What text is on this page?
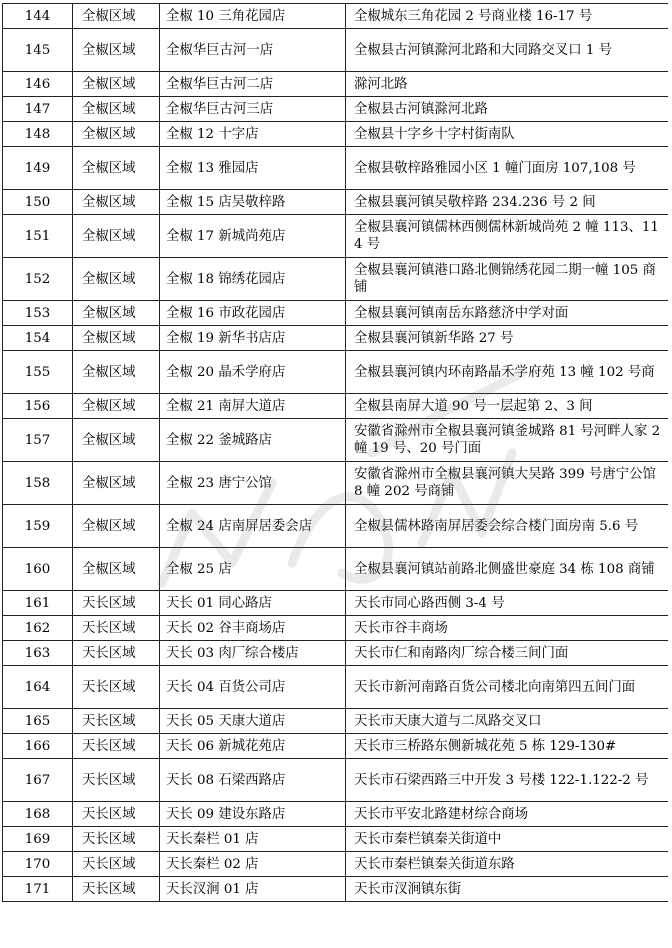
144	全椒区域	全椒 10 三角花园店	全椒城东三角花园 2 号商业楼 16-17 号
145	全椒区域	全椒华巨古河一店	全椒县古河镇滁河北路和大同路交叉口 1 号
146	全椒区域	全椒华巨古河二店	滁河北路
147	全椒区域	全椒华巨古河三店	全椒县古河镇滁河北路
148	全椒区域	全椒 12 十字店	全椒县十字乡十字村街南队
149	全椒区域	全椒 13 雅园店	全椒县敬梓路雅园小区 1 幢门面房 107,108 号
150	全椒区域	全椒 15 店吴敬梓路	全椒县襄河镇吴敬梓路 234.236 号 2 间
151	全椒区域	全椒 17 新城尚苑店	全椒县襄河镇儒林西侧儒林新城尚苑 2 幢 113、114 号
152	全椒区域	全椒 18 锦绣花园店	全椒县襄河镇港口路北侧锦绣花园二期一幢 105 商铺
153	全椒区域	全椒 16 市政花园店	全椒县襄河镇南岳东路慈济中学对面
154	全椒区域	全椒 19 新华书店店	全椒县襄河镇新华路 27 号
155	全椒区域	全椒 20 晶禾学府店	全椒县襄河镇内环南路晶禾学府苑 13 幢 102 号商
156	全椒区域	全椒 21 南屏大道店	全椒县南屏大道 90 号一层起第 2、3 间
157	全椒区域	全椒 22 釜城路店	安徽省滁州市全椒县襄河镇釜城路 81 号河畔人家 2 幢 19 号、20 号门面
158	全椒区域	全椒 23 唐宁公馆	安徽省滁州市全椒县襄河镇大吴路 399 号唐宁公馆 8 幢 202 号商铺
159	全椒区域	全椒 24 店南屏居委会店	全椒县儒林路南屏居委会综合楼门面房南 5.6 号
160	全椒区域	全椒 25 店	全椒县襄河镇站前路北侧盛世豪庭 34 栋 108 商铺
161	天长区域	天长 01 同心路店	天长市同心路西侧 3-4 号
162	天长区域	天长 02 谷丰商场店	天长市谷丰商场
163	天长区域	天长 03 肉厂综合楼店	天长市仁和南路肉厂综合楼三间门面
164	天长区域	天长 04 百货公司店	天长市新河南路百货公司楼北向南第四五间门面
165	天长区域	天长 05 天康大道店	天长市天康大道与二凤路交叉口
166	天长区域	天长 06 新城花苑店	天长市三桥路东侧新城花苑 5 栋 129-130#
167	天长区域	天长 08 石梁西路店	天长市石梁西路三中开发 3 号楼 122-1.122-2 号
168	天长区域	天长 09 建设东路店	天长市平安北路建材综合商场
169	天长区域	天长秦栏 01 店	天长市秦栏镇秦关街道中
170	天长区域	天长秦栏 02 店	天长市秦栏镇秦关街道东路
171	天长区域	天长汊涧 01 店	天长市汊涧镇东街
